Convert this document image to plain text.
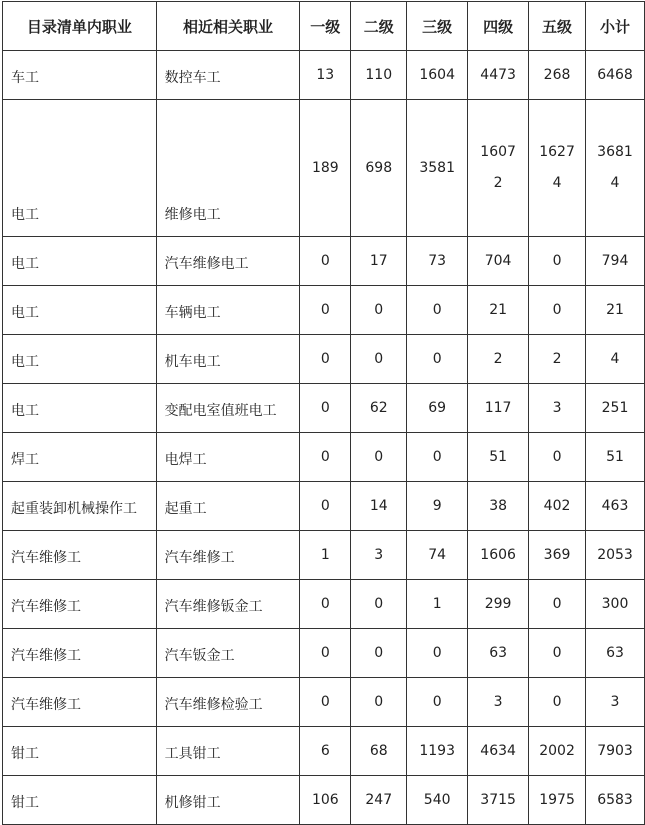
目录清单内职业	相近相关职业	一级	二级	三级	四级	五级	小计
车工	数控车工	13	110	1604	4473	268	6468
电工	维修电工	189	698	3581	16072	16274	36814
电工	汽车维修电工	0	17	73	704	0	794
电工	车辆电工	0	0	0	21	0	21
电工	机车电工	0	0	0	2	2	4
电工	变配电室值班电工	0	62	69	117	3	251
焊工	电焊工	0	0	0	51	0	51
起重装卸机械操作工	起重工	0	14	9	38	402	463
汽车维修工	汽车维修工	1	3	74	1606	369	2053
汽车维修工	汽车维修钣金工	0	0	1	299	0	300
汽车维修工	汽车钣金工	0	0	0	63	0	63
汽车维修工	汽车维修检验工	0	0	0	3	0	3
钳工	工具钳工	6	68	1193	4634	2002	7903
钳工	机修钳工	106	247	540	3715	1975	6583
